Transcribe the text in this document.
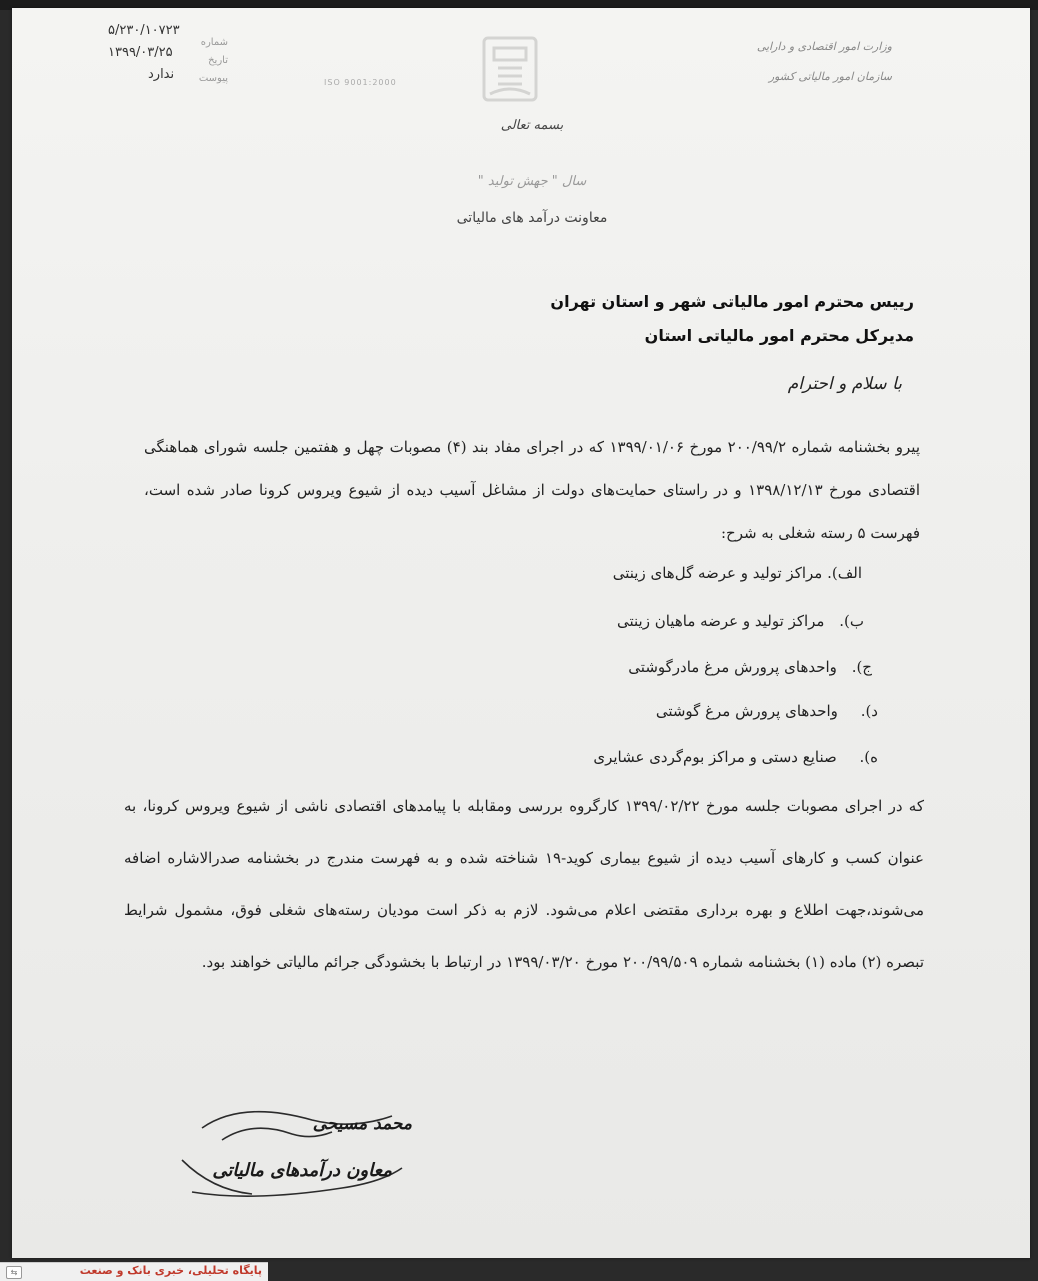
۵/۲۳۰/۱۰۷۲۳
۱۳۹۹/۰۳/۲۵
ندارد
شماره
تاریخ
پیوست	ISO 9001:2000
وزارت امور اقتصادی و دارایی
سازمان امور مالیاتی کشور
بسمه تعالی
سال " جهش تولید "
معاونت درآمد های مالیاتی
رییس محترم امور مالیاتی شهر و استان تهران
مدیرکل محترم امور مالیاتی استان
با سلام و احترام
پیرو بخشنامه شماره ۲۰۰/۹۹/۲ مورخ ۱۳۹۹/۰۱/۰۶ که در اجرای مفاد بند (۴) مصوبات چهل و هفتمین جلسه شورای هماهنگی اقتصادی مورخ ۱۳۹۸/۱۲/۱۳ و در راستای حمایت‌های دولت از مشاغل آسیب دیده از شیوع ویروس کرونا صادر شده است، فهرست ۵ رسته شغلی به شرح:
الف). مراکز تولید و عرضه گل‌های زینتی
ب). مراکز تولید و عرضه ماهیان زینتی
ج). واحدهای پرورش مرغ مادرگوشتی
د). واحدهای پرورش مرغ گوشتی
ه). صنایع دستی و مراکز بوم‌گردی عشایری
که در اجرای مصوبات جلسه مورخ ۱۳۹۹/۰۲/۲۲ کارگروه بررسی ومقابله با پیامدهای اقتصادی ناشی از شیوع ویروس کرونا، به عنوان کسب و کارهای آسیب دیده از شیوع بیماری کوید-۱۹ شناخته شده و به فهرست مندرج در بخشنامه صدرالاشاره اضافه می‌شوند،جهت اطلاع و بهره برداری مقتضی اعلام می‌شود. لازم به ذکر است مودیان رسته‌های شغلی فوق، مشمول شرایط تبصره (۲) ماده (۱) بخشنامه شماره ۲۰۰/۹۹/۵۰۹ مورخ ۱۳۹۹/۰۳/۲۰ در ارتباط با بخشودگی جرائم مالیاتی خواهند بود.
محمد مسیحی
معاون درآمدهای مالیاتی
⇆	پایگاه تحلیلی، خبری بانک و صنعت
